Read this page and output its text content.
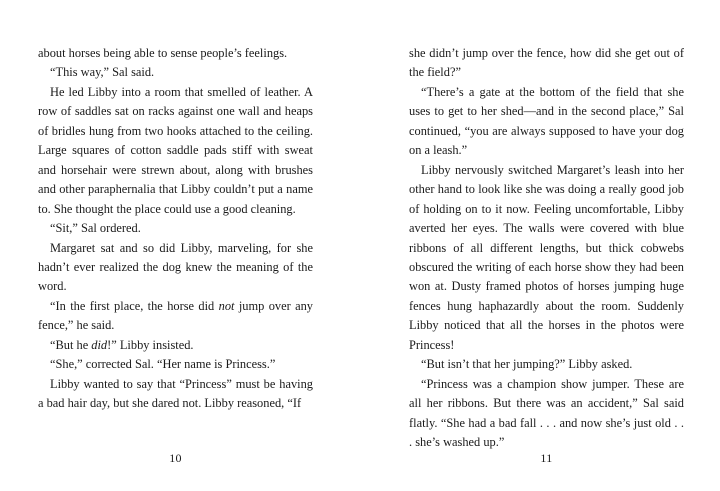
about horses being able to sense people’s feelings.

“This way,” Sal said.

He led Libby into a room that smelled of leather. A row of saddles sat on racks against one wall and heaps of bridles hung from two hooks attached to the ceiling. Large squares of cotton saddle pads stiff with sweat and horsehair were strewn about, along with brushes and other paraphernalia that Libby couldn’t put a name to. She thought the place could use a good cleaning.

“Sit,” Sal ordered.

Margaret sat and so did Libby, marveling, for she hadn’t ever realized the dog knew the meaning of the word.

“In the first place, the horse did not jump over any fence,” he said.

“But he did!” Libby insisted.

“She,” corrected Sal. “Her name is Princess.”

Libby wanted to say that “Princess” must be having a bad hair day, but she dared not. Libby reasoned, “If

10

she didn’t jump over the fence, how did she get out of the field?”

“There’s a gate at the bottom of the field that she uses to get to her shed—and in the second place,” Sal continued, “you are always supposed to have your dog on a leash.”

Libby nervously switched Margaret’s leash into her other hand to look like she was doing a really good job of holding on to it now. Feeling uncomfortable, Libby averted her eyes. The walls were covered with blue ribbons of all different lengths, but thick cobwebs obscured the writing of each horse show they had been won at. Dusty framed photos of horses jumping huge fences hung haphazardly about the room. Suddenly Libby noticed that all the horses in the photos were Princess!

“But isn’t that her jumping?” Libby asked.

“Princess was a champion show jumper. These are all her ribbons. But there was an accident,” Sal said flatly. “She had a bad fall . . . and now she’s just old . . . she’s washed up.”

11
